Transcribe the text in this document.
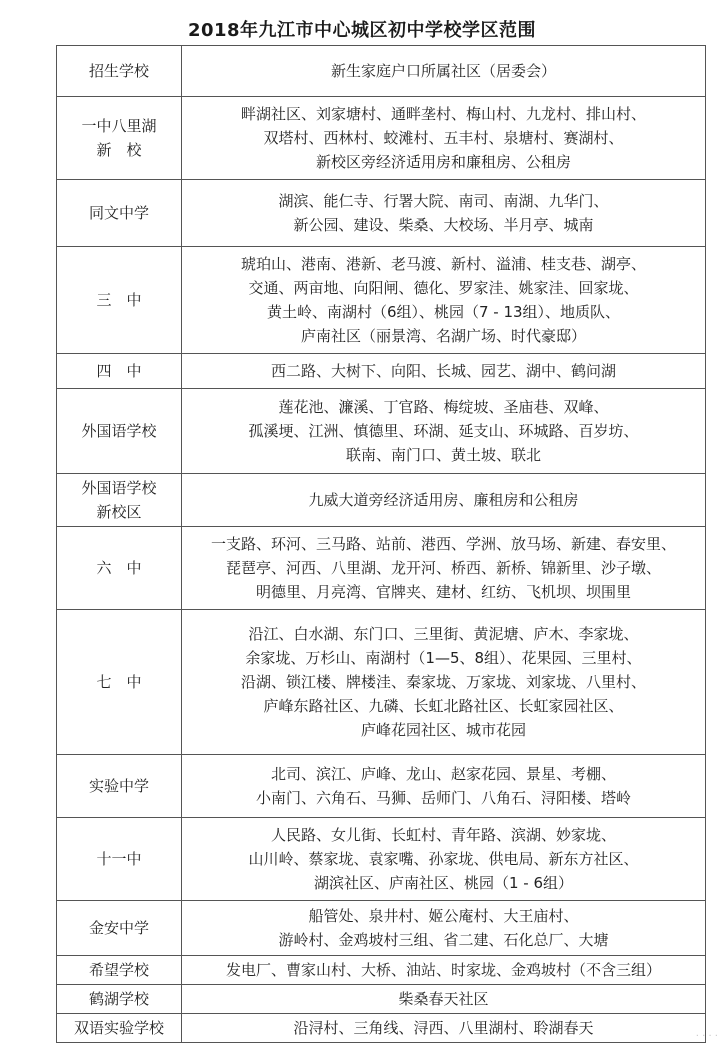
2018年九江市中心城区初中学校学区范围
招生学校	新生家庭户口所属社区（居委会）

一中八里湖
新　校	畔湖社区、刘家塘村、通畔垄村、梅山村、九龙村、排山村、
双塔村、西林村、蛟滩村、五丰村、泉塘村、赛湖村、
新校区旁经济适用房和廉租房、公租房

同文中学	湖滨、能仁寺、行署大院、南司、南湖、九华门、
新公园、建设、柴桑、大校场、半月亭、城南

三　中	琥珀山、港南、港新、老马渡、新村、溢浦、桂支巷、湖亭、
交通、两亩地、向阳闸、德化、罗家洼、姚家洼、回家垅、
黄土岭、南湖村（6组）、桃园（7 - 13组）、地质队、
庐南社区（丽景湾、名湖广场、时代豪邸）

四　中	西二路、大树下、向阳、长城、园艺、湖中、鹤问湖

外国语学校	莲花池、濂溪、丁官路、梅绽坡、圣庙巷、双峰、
孤溪埂、江洲、慎德里、环湖、延支山、环城路、百岁坊、
联南、南门口、黄土坡、联北

外国语学校
新校区	九威大道旁经济适用房、廉租房和公租房

六　中	一支路、环河、三马路、站前、港西、学洲、放马场、新建、春安里、
琵琶亭、河西、八里湖、龙开河、桥西、新桥、锦新里、沙子墩、
明德里、月亮湾、官牌夹、建材、红纺、飞机坝、坝围里

七　中	沿江、白水湖、东门口、三里街、黄泥塘、庐木、李家垅、
余家垅、万杉山、南湖村（1—5、8组）、花果园、三里村、
沿湖、锁江楼、牌楼洼、秦家垅、万家垅、刘家垅、八里村、
庐峰东路社区、九磷、长虹北路社区、长虹家园社区、
庐峰花园社区、城市花园

实验中学	北司、滨江、庐峰、龙山、赵家花园、景星、考棚、
小南门、六角石、马狮、岳师门、八角石、浔阳楼、塔岭

十一中	人民路、女儿街、长虹村、青年路、滨湖、妙家垅、
山川岭、蔡家垅、袁家嘴、孙家垅、供电局、新东方社区、
湖滨社区、庐南社区、桃园（1 - 6组）

金安中学	船管处、泉井村、姬公庵村、大王庙村、
游岭村、金鸡坡村三组、省二建、石化总厂、大塘

希望学校	发电厂、曹家山村、大桥、油站、时家垅、金鸡坡村（不含三组）

鹤湖学校	柴桑春天社区

双语实验学校	沿浔村、三角线、浔西、八里湖村、聆湖春天	· · · ·
